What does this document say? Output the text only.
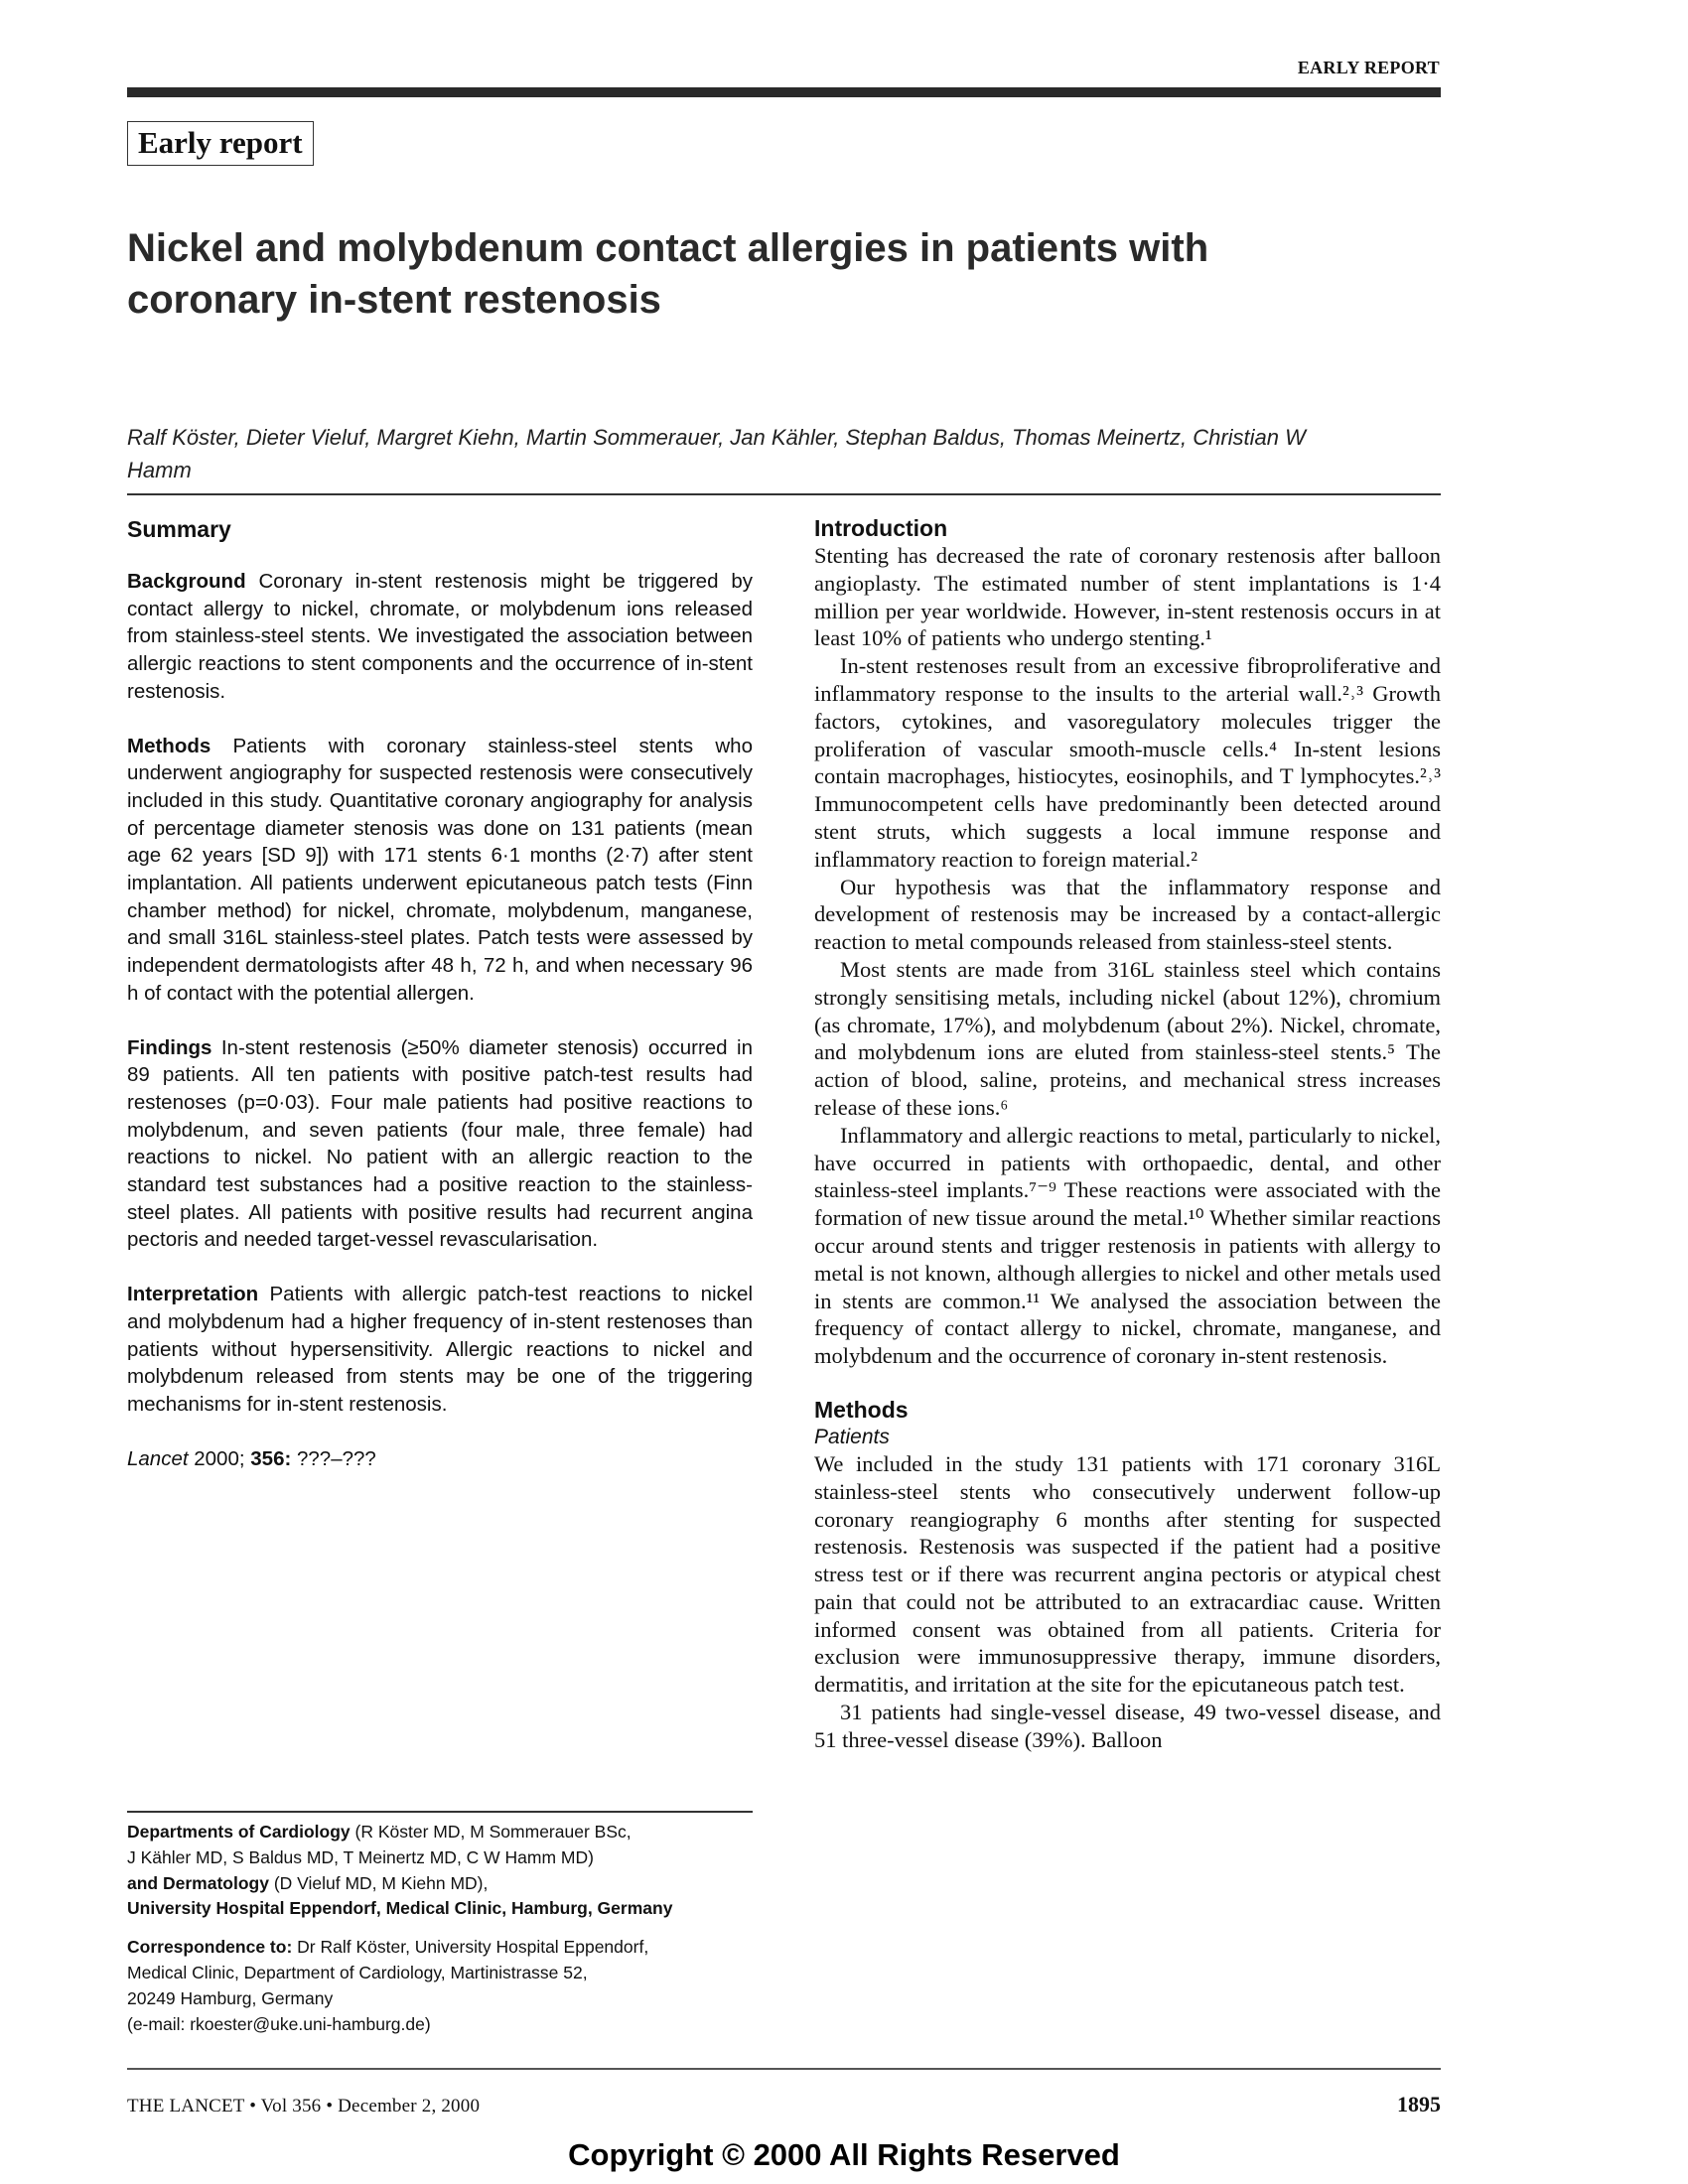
EARLY REPORT
Early report
Nickel and molybdenum contact allergies in patients with coronary in-stent restenosis
Ralf Köster, Dieter Vieluf, Margret Kiehn, Martin Sommerauer, Jan Kähler, Stephan Baldus, Thomas Meinertz, Christian W Hamm
Summary

Background Coronary in-stent restenosis might be triggered by contact allergy to nickel, chromate, or molybdenum ions released from stainless-steel stents. We investigated the association between allergic reactions to stent components and the occurrence of in-stent restenosis.

Methods Patients with coronary stainless-steel stents who underwent angiography for suspected restenosis were consecutively included in this study. Quantitative coronary angiography for analysis of percentage diameter stenosis was done on 131 patients (mean age 62 years [SD 9]) with 171 stents 6·1 months (2·7) after stent implantation. All patients underwent epicutaneous patch tests (Finn chamber method) for nickel, chromate, molybdenum, manganese, and small 316L stainless-steel plates. Patch tests were assessed by independent dermatologists after 48 h, 72 h, and when necessary 96 h of contact with the potential allergen.

Findings In-stent restenosis (≥50% diameter stenosis) occurred in 89 patients. All ten patients with positive patch-test results had restenoses (p=0·03). Four male patients had positive reactions to molybdenum, and seven patients (four male, three female) had reactions to nickel. No patient with an allergic reaction to the standard test substances had a positive reaction to the stainless-steel plates. All patients with positive results had recurrent angina pectoris and needed target-vessel revascularisation.

Interpretation Patients with allergic patch-test reactions to nickel and molybdenum had a higher frequency of in-stent restenoses than patients without hypersensitivity. Allergic reactions to nickel and molybdenum released from stents may be one of the triggering mechanisms for in-stent restenosis.

Lancet 2000; 356: ???–???

Departments of Cardiology (R Köster MD, M Sommerauer BSc,

J Kähler MD, S Baldus MD, T Meinertz MD, C W Hamm MD)

and Dermatology (D Vieluf MD, M Kiehn MD),

University Hospital Eppendorf, Medical Clinic, Hamburg, Germany

Correspondence to: Dr Ralf Köster, University Hospital Eppendorf,

Medical Clinic, Department of Cardiology, Martinistrasse 52,

20249 Hamburg, Germany

(e-mail: rkoester@uke.uni-hamburg.de)

Introduction

Stenting has decreased the rate of coronary restenosis after balloon angioplasty. The estimated number of stent implantations is 1·4 million per year worldwide. However, in-stent restenosis occurs in at least 10% of patients who undergo stenting.¹

In-stent restenoses result from an excessive fibroproliferative and inflammatory response to the insults to the arterial wall.²˒³ Growth factors, cytokines, and vasoregulatory molecules trigger the proliferation of vascular smooth-muscle cells.⁴ In-stent lesions contain macrophages, histiocytes, eosinophils, and T lymphocytes.²˒³ Immunocompetent cells have predominantly been detected around stent struts, which suggests a local immune response and inflammatory reaction to foreign material.²

Our hypothesis was that the inflammatory response and development of restenosis may be increased by a contact-allergic reaction to metal compounds released from stainless-steel stents.

Most stents are made from 316L stainless steel which contains strongly sensitising metals, including nickel (about 12%), chromium (as chromate, 17%), and molybdenum (about 2%). Nickel, chromate, and molybdenum ions are eluted from stainless-steel stents.⁵ The action of blood, saline, proteins, and mechanical stress increases release of these ions.⁶

Inflammatory and allergic reactions to metal, particularly to nickel, have occurred in patients with orthopaedic, dental, and other stainless-steel implants.⁷⁻⁹ These reactions were associated with the formation of new tissue around the metal.¹⁰ Whether similar reactions occur around stents and trigger restenosis in patients with allergy to metal is not known, although allergies to nickel and other metals used in stents are common.¹¹ We analysed the association between the frequency of contact allergy to nickel, chromate, manganese, and molybdenum and the occurrence of coronary in-stent restenosis.

Methods
Patients

We included in the study 131 patients with 171 coronary 316L stainless-steel stents who consecutively underwent follow-up coronary reangiography 6 months after stenting for suspected restenosis. Restenosis was suspected if the patient had a positive stress test or if there was recurrent angina pectoris or atypical chest pain that could not be attributed to an extracardiac cause. Written informed consent was obtained from all patients. Criteria for exclusion were immunosuppressive therapy, immune disorders, dermatitis, and irritation at the site for the epicutaneous patch test.

31 patients had single-vessel disease, 49 two-vessel disease, and 51 three-vessel disease (39%). Balloon

THE LANCET • Vol 356 • December 2, 2000	1895
Copyright © 2000 All Rights Reserved
